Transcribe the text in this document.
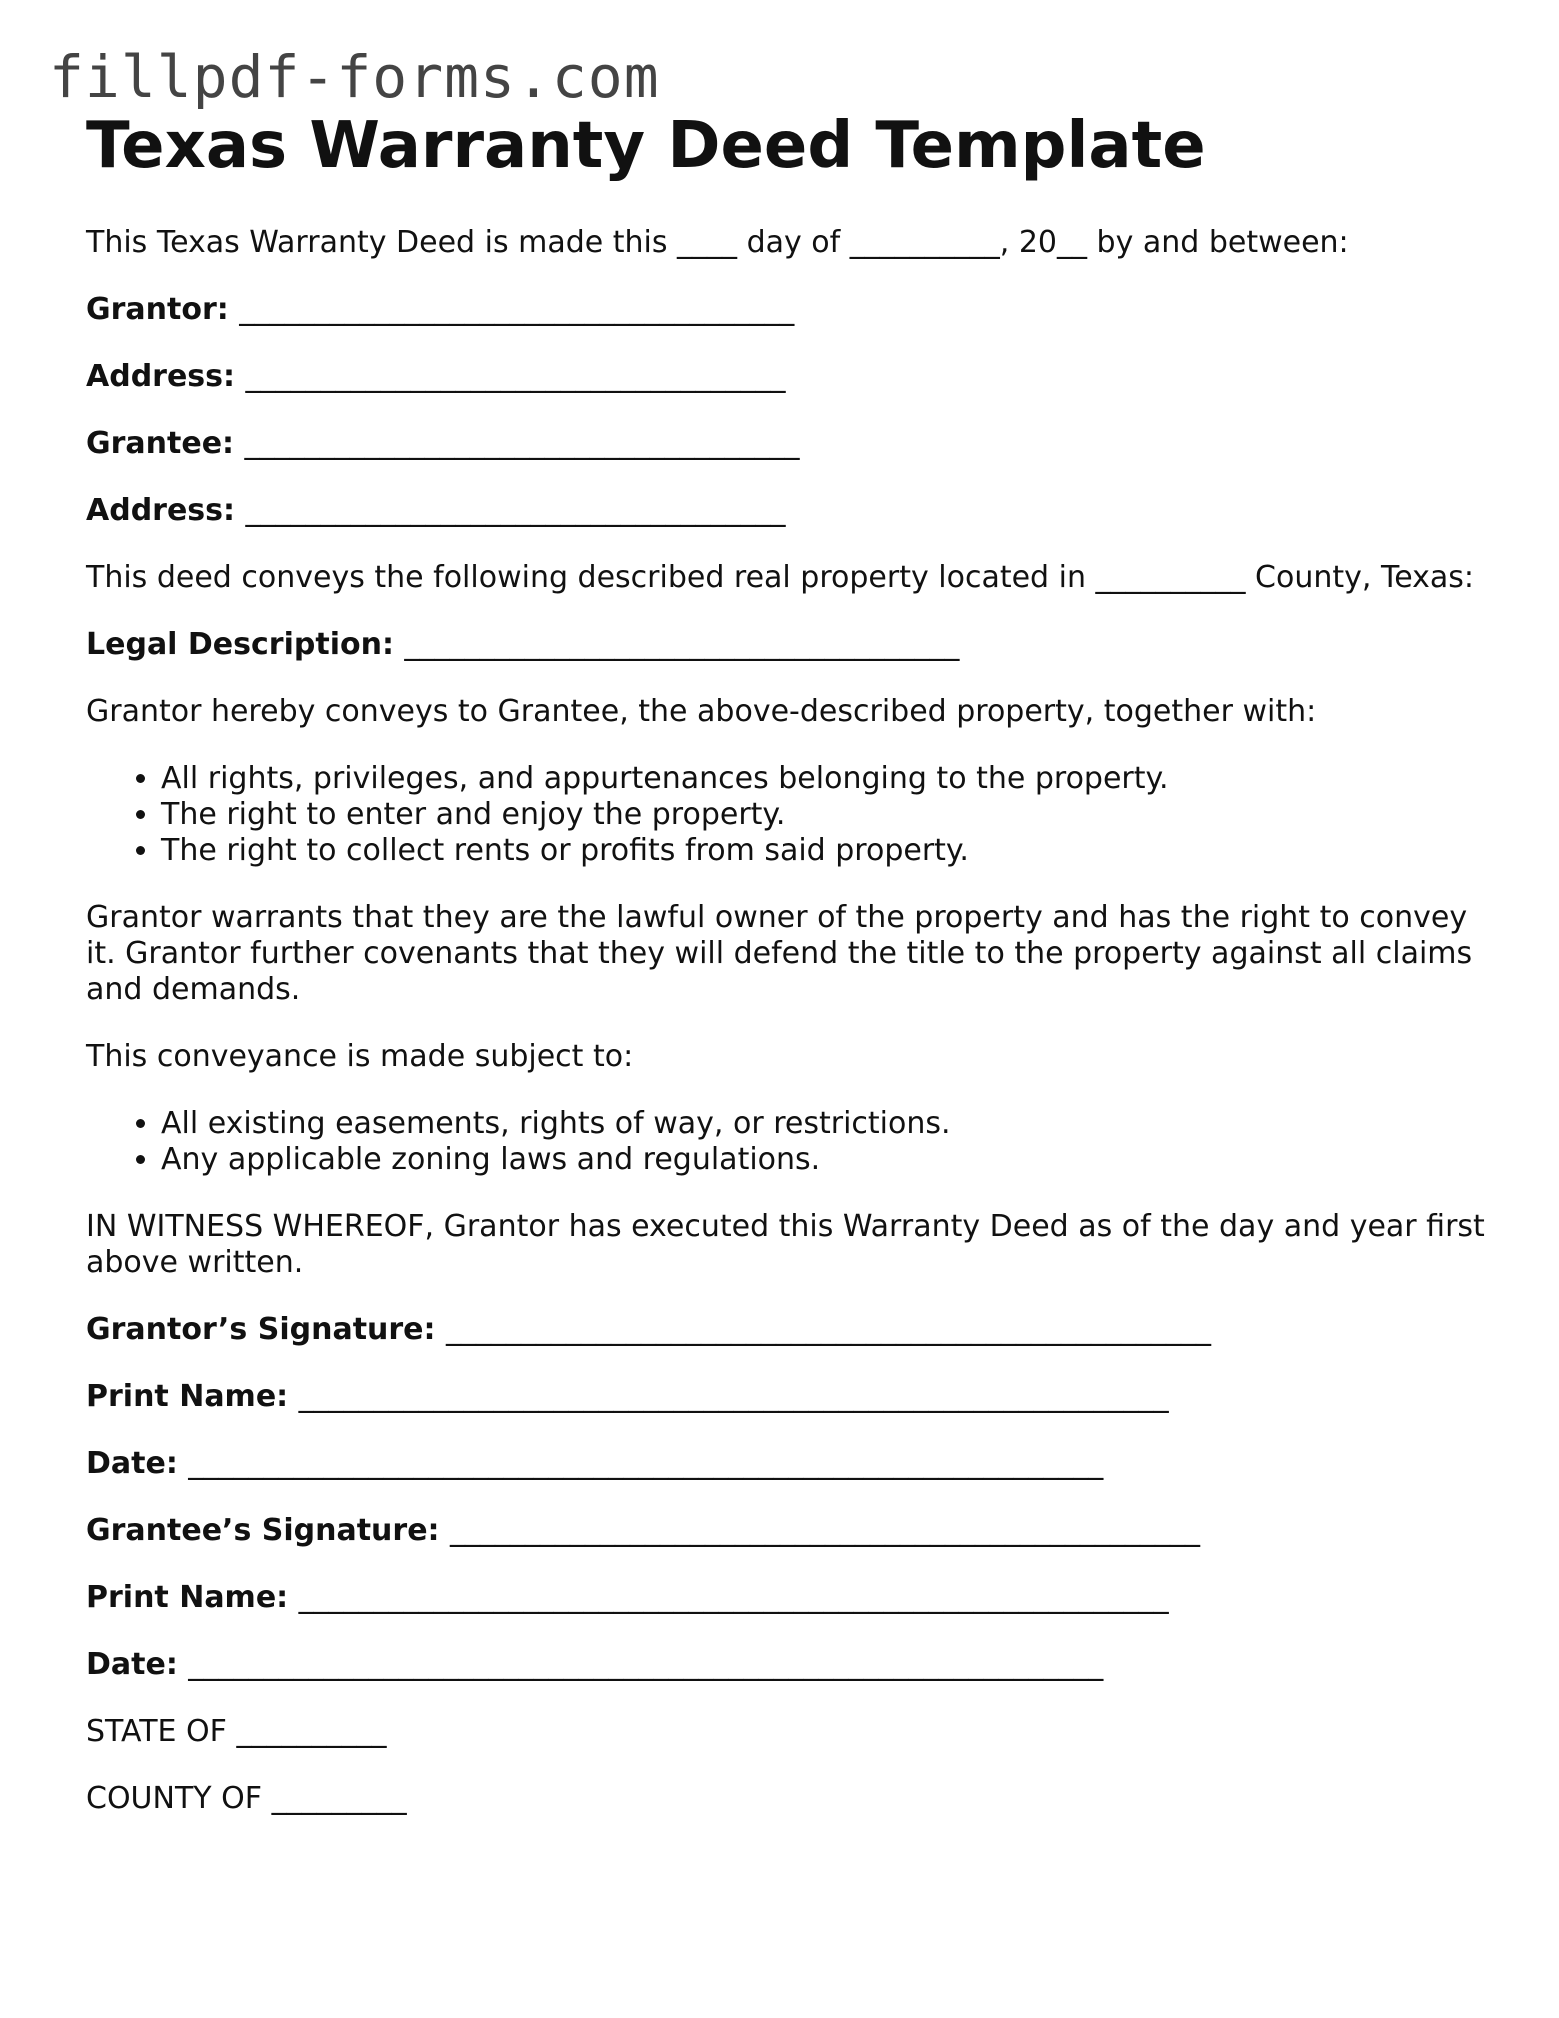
fillpdf-forms.com
Texas Warranty Deed Template

This Texas Warranty Deed is made this ____ day of __________, 20__ by and between:

Grantor: _____________________________________
Address: ____________________________________
Grantee: _____________________________________
Address: ____________________________________

This deed conveys the following described real property located in __________ County, Texas:

Legal Description: _____________________________________

Grantor hereby conveys to Grantee, the above-described property, together with:

• All rights, privileges, and appurtenances belonging to the property.
• The right to enter and enjoy the property.
• The right to collect rents or profits from said property.

Grantor warrants that they are the lawful owner of the property and has the right to convey it. Grantor further covenants that they will defend the title to the property against all claims and demands.

This conveyance is made subject to:

• All existing easements, rights of way, or restrictions.
• Any applicable zoning laws and regulations.

IN WITNESS WHEREOF, Grantor has executed this Warranty Deed as of the day and year first above written.

Grantor’s Signature: ___________________________________________________
Print Name: __________________________________________________________
Date: _____________________________________________________________
Grantee’s Signature: __________________________________________________
Print Name: __________________________________________________________
Date: _____________________________________________________________
STATE OF __________
COUNTY OF _________
